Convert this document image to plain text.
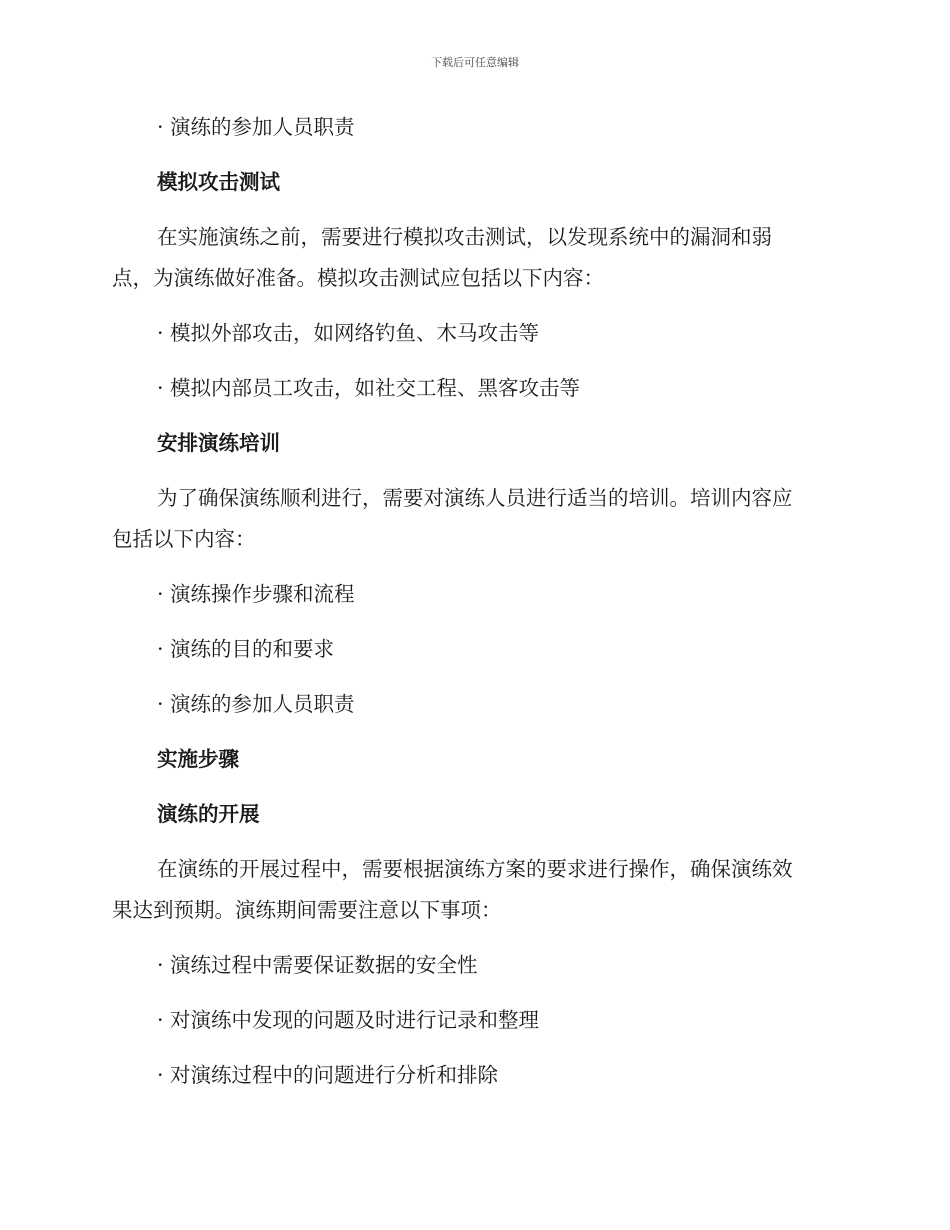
下载后可任意编辑
· 演练的参加人员职责
模拟攻击测试
在实施演练之前，需要进行模拟攻击测试，以发现系统中的漏洞和弱
点，为演练做好准备。模拟攻击测试应包括以下内容：
· 模拟外部攻击，如网络钓鱼、木马攻击等
· 模拟内部员工攻击，如社交工程、黑客攻击等
安排演练培训
为了确保演练顺利进行，需要对演练人员进行适当的培训。培训内容应
包括以下内容：
· 演练操作步骤和流程
· 演练的目的和要求
· 演练的参加人员职责
实施步骤
演练的开展
在演练的开展过程中，需要根据演练方案的要求进行操作，确保演练效
果达到预期。演练期间需要注意以下事项：
· 演练过程中需要保证数据的安全性
· 对演练中发现的问题及时进行记录和整理
· 对演练过程中的问题进行分析和排除
